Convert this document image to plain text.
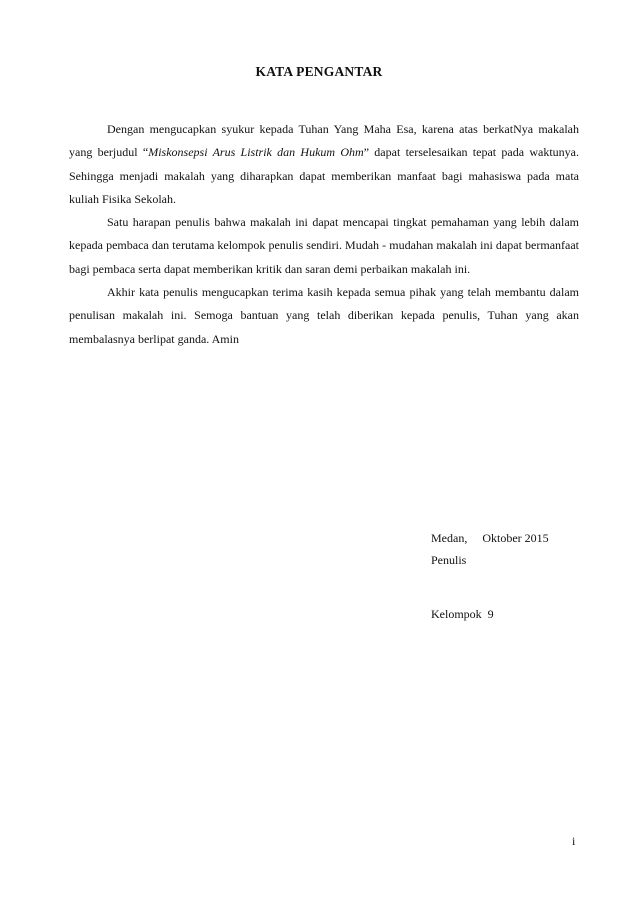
KATA PENGANTAR

Dengan mengucapkan syukur kepada Tuhan Yang Maha Esa, karena atas berkatNya makalah yang berjudul “Miskonsepsi Arus Listrik dan Hukum Ohm” dapat terselesaikan tepat pada waktunya. Sehingga menjadi makalah yang diharapkan dapat memberikan manfaat bagi mahasiswa pada mata kuliah Fisika Sekolah.

Satu harapan penulis bahwa makalah ini dapat mencapai tingkat pemahaman yang lebih dalam kepada pembaca dan terutama kelompok penulis sendiri. Mudah - mudahan makalah ini dapat bermanfaat bagi pembaca serta dapat memberikan kritik dan saran demi perbaikan makalah ini.

Akhir kata penulis mengucapkan terima kasih kepada semua pihak yang telah membantu dalam penulisan makalah ini. Semoga bantuan yang telah diberikan kepada penulis, Tuhan yang akan membalasnya berlipat ganda. Amin

Medan,     Oktober 2015
Penulis
Kelompok  9
i
